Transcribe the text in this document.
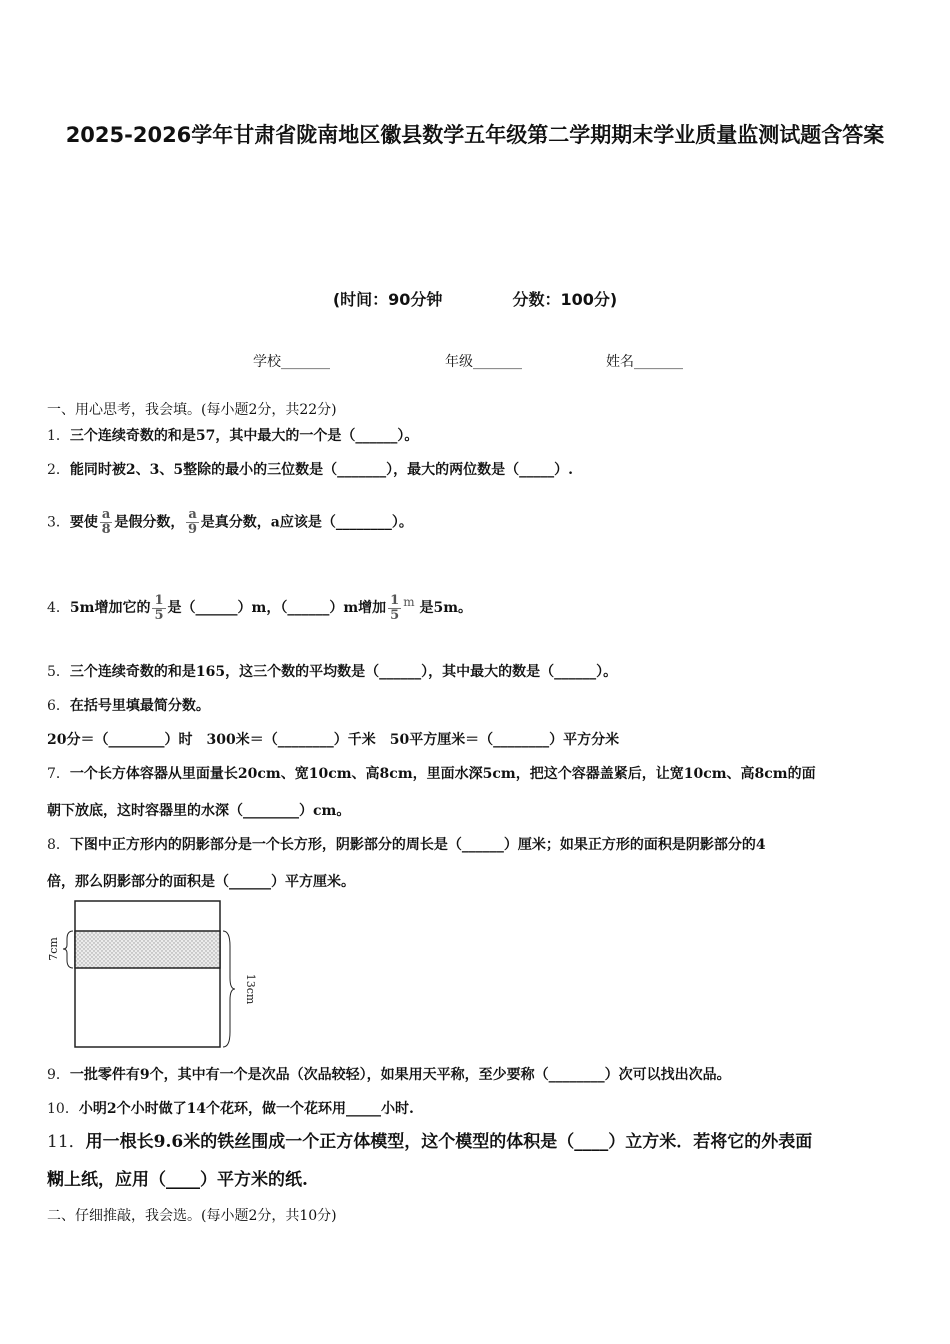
2025-2026学年甘肃省陇南地区徽县数学五年级第二学期期末学业质量监测试题含答案
(时间：90分钟	分数：100分)
学校_______	年级_______	姓名_______
一、用心思考，我会填。(每小题2分，共22分)
1．三个连续奇数的和是57，其中最大的一个是（______）。
2．能同时被2、3、5整除的最小的三位数是（_______），最大的两位数是（_____）.
3．要使 $\frac{a}{8}$ 是假分数， $\frac{a}{9}$ 是真分数，a应该是（________）。
4．5m增加它的 $\frac{1}{5}$ 是（______）m，（______）m增加 $\frac{1}{5}$ m 是5m。
5．三个连续奇数的和是165，这三个数的平均数是（______），其中最大的数是（______）。
6．在括号里填最简分数。
20分＝（________）时　300米＝（________）千米　50平方厘米＝（________）平方分米
7．一个长方体容器从里面量长20cm、宽10cm、高8cm，里面水深5cm，把这个容器盖紧后，让宽10cm、高8cm的面
朝下放底，这时容器里的水深（________）cm。
8．下图中正方形内的阴影部分是一个长方形，阴影部分的周长是（______）厘米；如果正方形的面积是阴影部分的4
倍，那么阴影部分的面积是（______）平方厘米。
7cm
13cm
9．一批零件有9个，其中有一个是次品（次品较轻），如果用天平称，至少要称（________）次可以找出次品。
10．小明2个小时做了14个花环，做一个花环用_____小时.
11．用一根长9.6米的铁丝围成一个正方体模型，这个模型的体积是（____）立方米．若将它的外表面
糊上纸，应用（____）平方米的纸.
二、仔细推敲，我会选。(每小题2分，共10分)
